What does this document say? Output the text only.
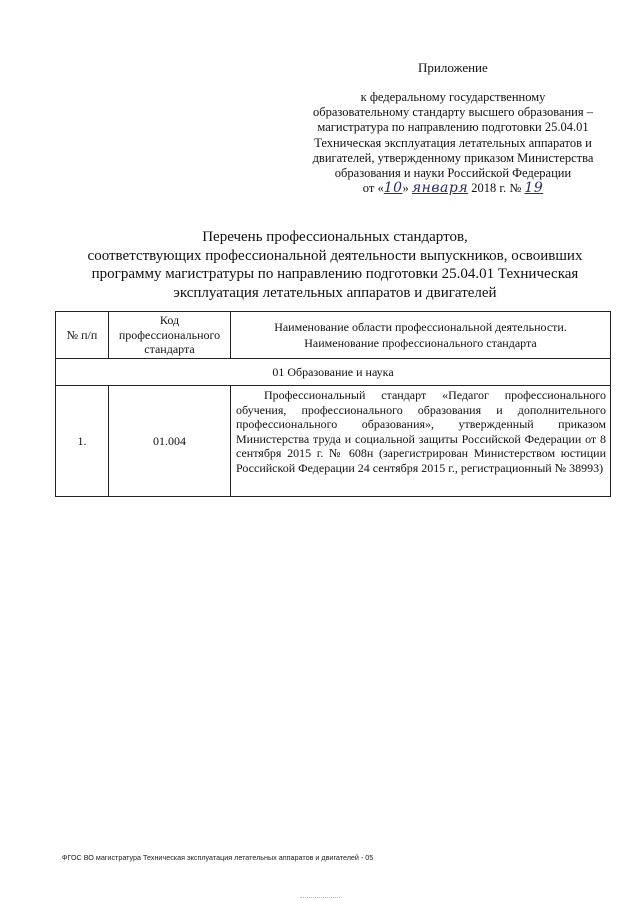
Приложение
к федеральному государственному
образовательному стандарту высшего образования –
магистратура по направлению подготовки 25.04.01
Техническая эксплуатация летательных аппаратов и
двигателей, утвержденному приказом Министерства
образования и науки Российской Федерации
от «10» января 2018 г. № 19
Перечень профессиональных стандартов,
соответствующих профессиональной деятельности выпускников, освоивших
программу магистратуры по направлению подготовки 25.04.01 Техническая
эксплуатация летательных аппаратов и двигателей
№ п/п	Код профессионального стандарта	Наименование области профессиональной деятельности.
Наименование профессионального стандарта

01 Образование и наука		
1.	01.004	Профессиональный стандарт «Педагог профессионального обучения, профессионального образования и дополнительного профессионального образования», утвержденный приказом Министерства труда и социальной защиты Российской Федерации от 8 сентября 2015 г. № 608н (зарегистрирован Министерством юстиции Российской Федерации 24 сентября 2015 г., регистрационный № 38993)
ФГОС ВО магистратура Техническая эксплуатация летательных аппаратов и двигателей - 05
